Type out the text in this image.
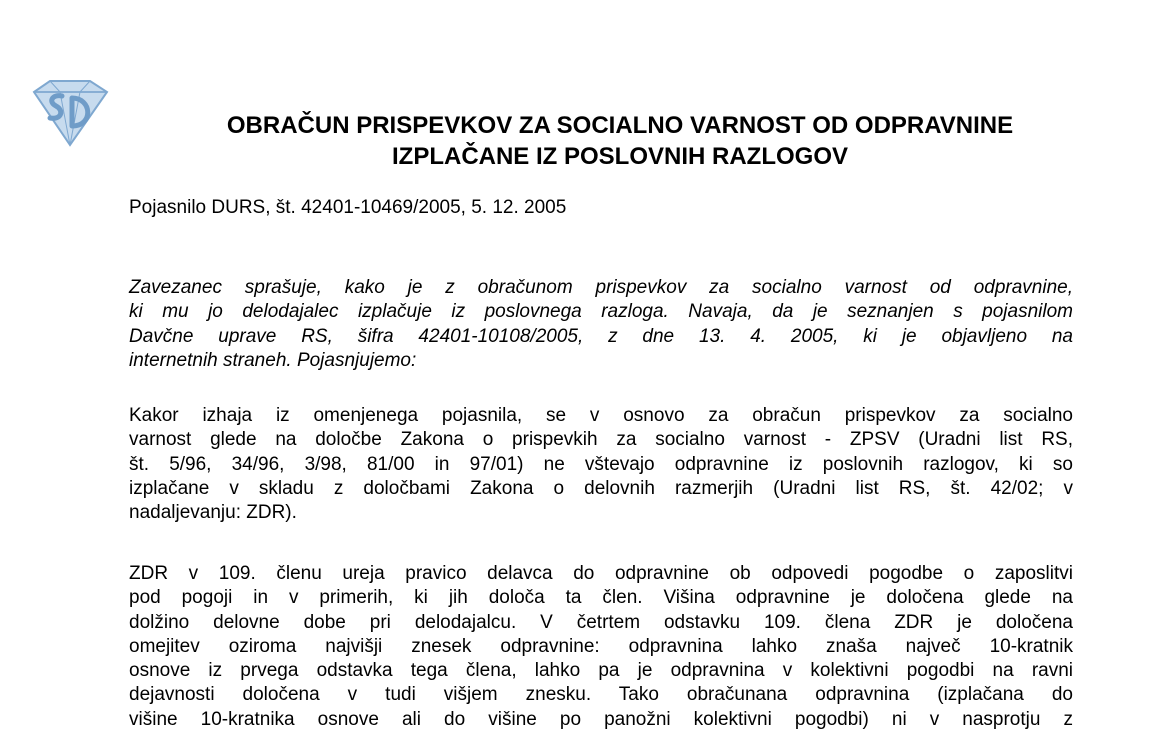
OBRAČUN PRISPEVKOV ZA SOCIALNO VARNOST OD ODPRAVNINE
IZPLAČANE IZ POSLOVNIH RAZLOGOV

Pojasnilo DURS, št. 42401-10469/2005, 5. 12. 2005

Zavezanec sprašuje, kako je z obračunom prispevkov za socialno varnost od odpravnine,
ki mu jo delodajalec izplačuje iz poslovnega razloga. Navaja, da je seznanjen s pojasnilom
Davčne uprave RS, šifra 42401-10108/2005, z dne 13. 4. 2005, ki je objavljeno na
internetnih straneh. Pojasnjujemo:

Kakor izhaja iz omenjenega pojasnila, se v osnovo za obračun prispevkov za socialno
varnost glede na določbe Zakona o prispevkih za socialno varnost - ZPSV (Uradni list RS,
št. 5/96, 34/96, 3/98, 81/00 in 97/01) ne vštevajo odpravnine iz poslovnih razlogov, ki so
izplačane v skladu z določbami Zakona o delovnih razmerjih (Uradni list RS, št. 42/02; v
nadaljevanju: ZDR).

ZDR v 109. členu ureja pravico delavca do odpravnine ob odpovedi pogodbe o zaposlitvi
pod pogoji in v primerih, ki jih določa ta člen. Višina odpravnine je določena glede na
dolžino delovne dobe pri delodajalcu. V četrtem odstavku 109. člena ZDR je določena
omejitev oziroma najvišji znesek odpravnine: odpravnina lahko znaša največ 10-kratnik
osnove iz prvega odstavka tega člena, lahko pa je odpravnina v kolektivni pogodbi na ravni
dejavnosti določena v tudi višjem znesku. Tako obračunana odpravnina (izplačana do
višine 10-kratnika osnove ali do višine po panožni kolektivni pogodbi) ni v nasprotju z
